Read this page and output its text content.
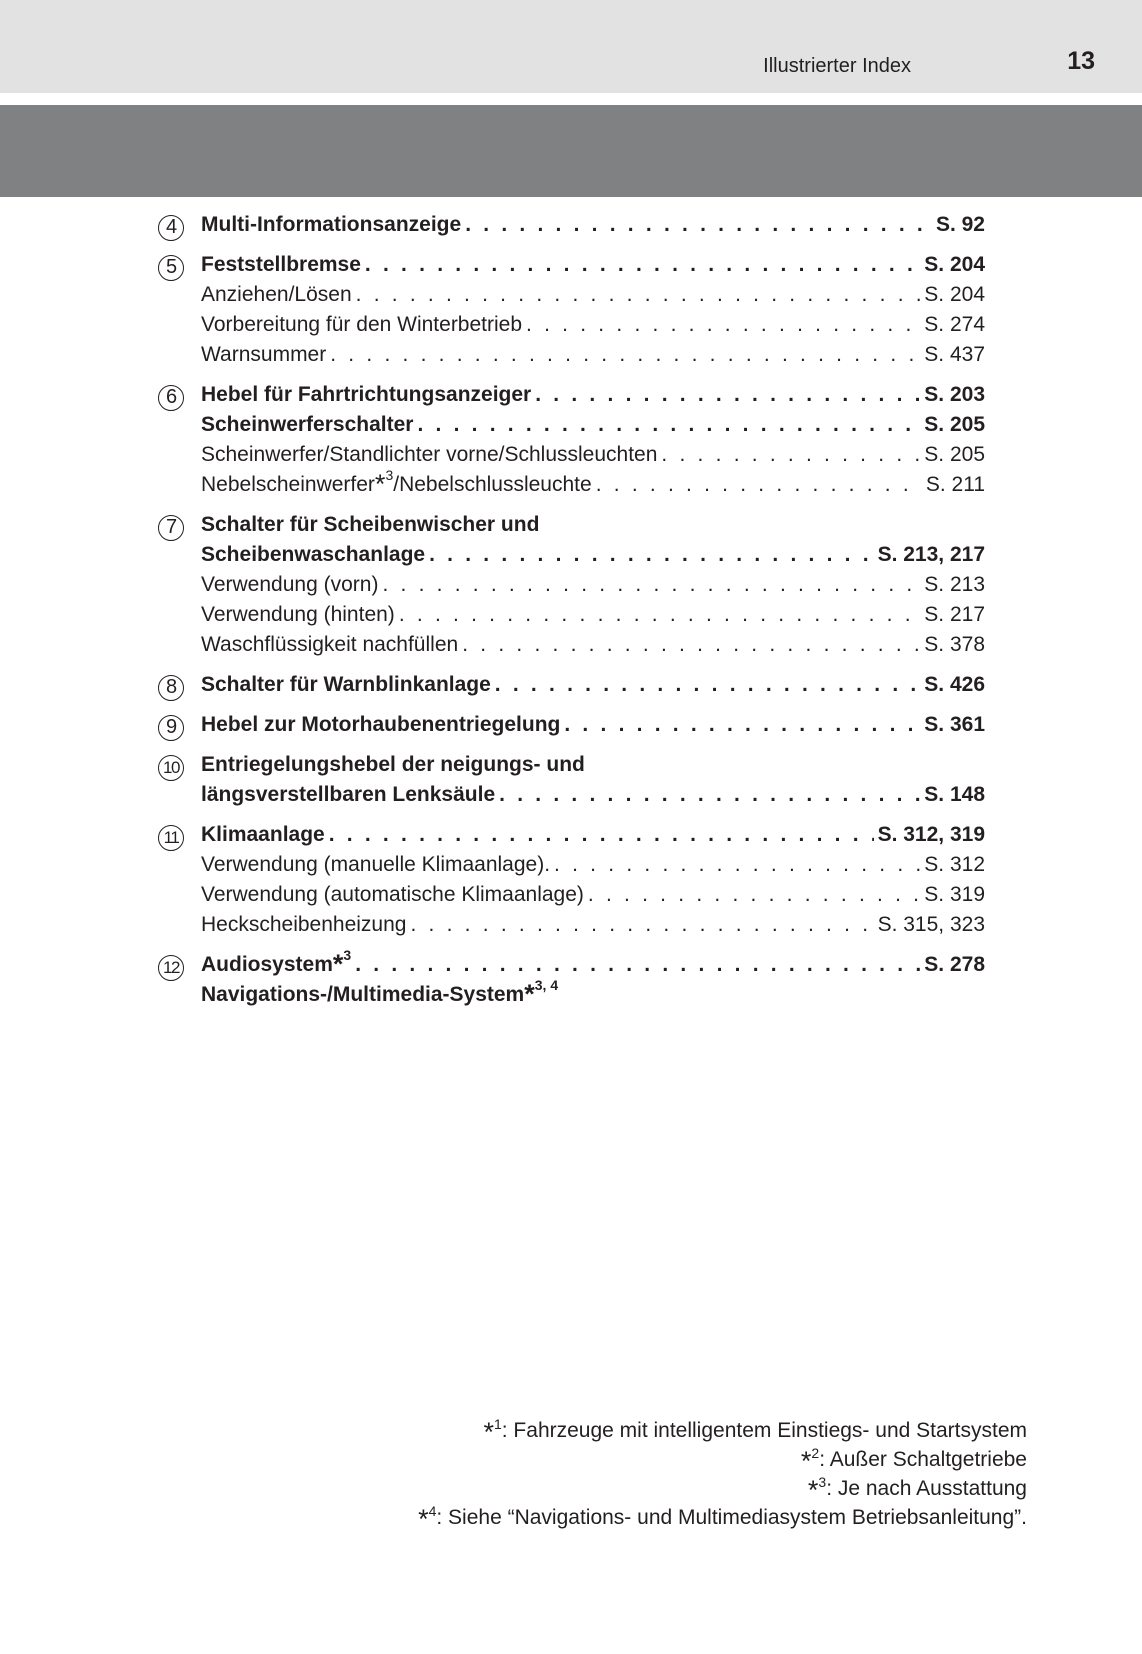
Illustrierter Index	13
4	Multi-Informationsanzeige . . .	S. 92
5	Feststellbremse . . .	S. 204
Anziehen/Lösen . . .	S. 204
Vorbereitung für den Winterbetrieb . . .	S. 274
Warnsummer . . .	S. 437
6	Hebel für Fahrtrichtungsanzeiger . . .	S. 203
Scheinwerferschalter . . .	S. 205
Scheinwerfer/Standlichter vorne/Schlussleuchten . . .	S. 205
Nebelscheinwerfer*$^3$/Nebelschlussleuchte . . .	S. 211
7	Schalter für Scheibenwischer und
Scheibenwaschanlage . . .	S. 213, 217
Verwendung (vorn) . . .	S. 213
Verwendung (hinten) . . .	S. 217
Waschflüssigkeit nachfüllen . . .	S. 378
8	Schalter für Warnblinkanlage . . .	S. 426
9	Hebel zur Motorhaubenentriegelung . . .	S. 361
10 Entriegelungshebel der neigungs- und
längsverstellbaren Lenksäule . . .	S. 148
11 Klimaanlage . . .	S. 312, 319
Verwendung (manuelle Klimaanlage). . . .	S. 312
Verwendung (automatische Klimaanlage) . . .	S. 319
Heckscheibenheizung . . .	S. 315, 323
12 Audiosystem*$^3$ . . .	S. 278
Navigations-/Multimedia-System*$^{3, 4}$
*$^1$: Fahrzeuge mit intelligentem Einstiegs- und Startsystem
*$^2$: Außer Schaltgetriebe
*$^3$: Je nach Ausstattung
*$^4$: Siehe “Navigations- und Multimediasystem Betriebsanleitung”.
